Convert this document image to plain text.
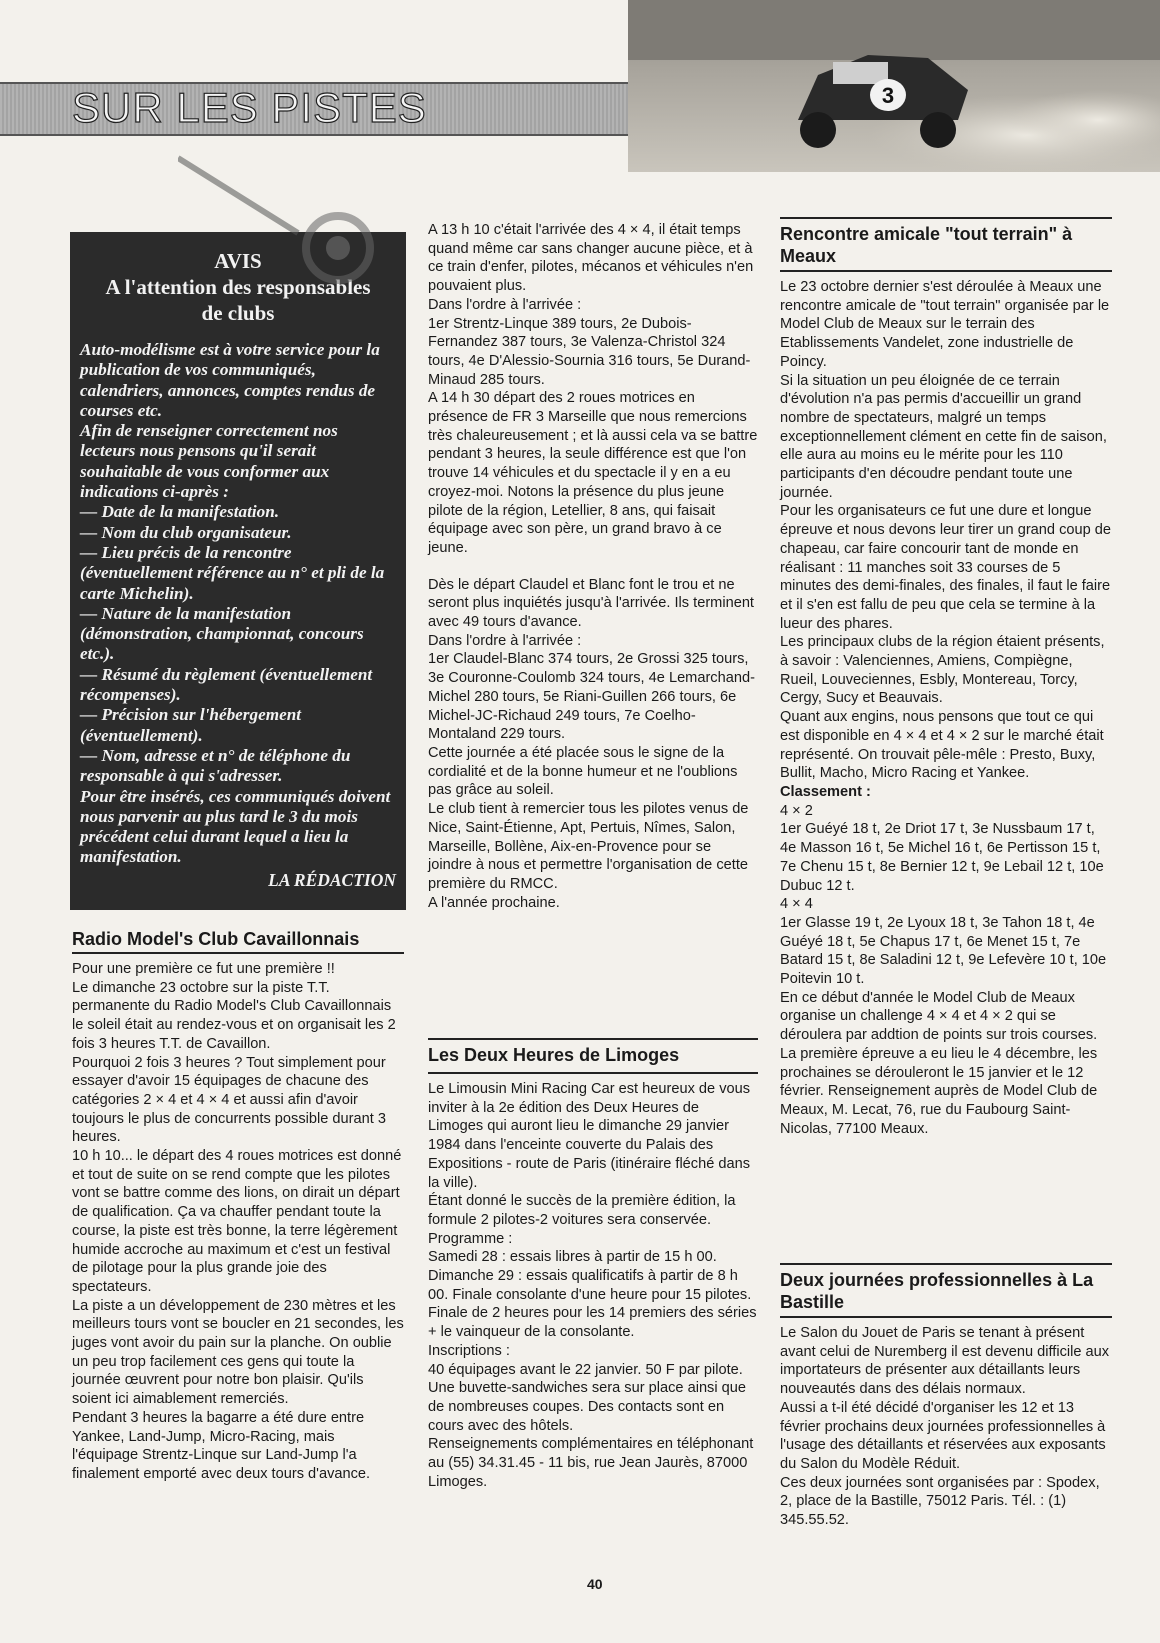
SUR LES PISTES	3
AVIS
A l'attention des responsables
de clubs

Auto-modélisme est à votre service pour la publication de vos communiqués, calendriers, annonces, comptes rendus de courses etc.

Afin de renseigner correctement nos lecteurs nous pensons qu'il serait souhaitable de vous conformer aux indications ci-après :

— Date de la manifestation.

— Nom du club organisateur.

— Lieu précis de la rencontre (éventuellement référence au n° et pli de la carte Michelin).

— Nature de la manifestation (démonstration, championnat, concours etc.).

— Résumé du règlement (éventuellement récompenses).

— Précision sur l'hébergement (éventuellement).

— Nom, adresse et n° de téléphone du responsable à qui s'adresser.

Pour être insérés, ces communiqués doivent nous parvenir au plus tard le 3 du mois précédent celui durant lequel a lieu la manifestation.

LA RÉDACTION
Radio Model's Club Cavaillonnais

Pour une première ce fut une première !!

Le dimanche 23 octobre sur la piste T.T. permanente du Radio Model's Club Cavaillonnais le soleil était au rendez-vous et on organisait les 2 fois 3 heures T.T. de Cavaillon.

Pourquoi 2 fois 3 heures ? Tout simplement pour essayer d'avoir 15 équipages de chacune des catégories 2 × 4 et 4 × 4 et aussi afin d'avoir toujours le plus de concurrents possible durant 3 heures.

10 h 10... le départ des 4 roues motrices est donné et tout de suite on se rend compte que les pilotes vont se battre comme des lions, on dirait un départ de qualification. Ça va chauffer pendant toute la course, la piste est très bonne, la terre légèrement humide accroche au maximum et c'est un festival de pilotage pour la plus grande joie des spectateurs.

La piste a un développement de 230 mètres et les meilleurs tours vont se boucler en 21 secondes, les juges vont avoir du pain sur la planche. On oublie un peu trop facilement ces gens qui toute la journée œuvrent pour notre bon plaisir. Qu'ils soient ici aimablement remerciés.

Pendant 3 heures la bagarre a été dure entre Yankee, Land-Jump, Micro-Racing, mais l'équipage Strentz-Linque sur Land-Jump l'a finalement emporté avec deux tours d'avance.

A 13 h 10 c'était l'arrivée des 4 × 4, il était temps quand même car sans changer aucune pièce, et à ce train d'enfer, pilotes, mécanos et véhicules n'en pouvaient plus.

Dans l'ordre à l'arrivée :

1er Strentz-Linque 389 tours, 2e Dubois-Fernandez 387 tours, 3e Valenza-Christol 324 tours, 4e D'Alessio-Sournia 316 tours, 5e Durand-Minaud 285 tours.

A 14 h 30 départ des 2 roues motrices en présence de FR 3 Marseille que nous remercions très chaleureusement ; et là aussi cela va se battre pendant 3 heures, la seule différence est que l'on trouve 14 véhicules et du spectacle il y en a eu croyez-moi. Notons la présence du plus jeune pilote de la région, Letellier, 8 ans, qui faisait équipage avec son père, un grand bravo à ce jeune.

Dès le départ Claudel et Blanc font le trou et ne seront plus inquiétés jusqu'à l'arrivée. Ils terminent avec 49 tours d'avance.

Dans l'ordre à l'arrivée :

1er Claudel-Blanc 374 tours, 2e Grossi 325 tours, 3e Couronne-Coulomb 324 tours, 4e Lemarchand-Michel 280 tours, 5e Riani-Guillen 266 tours, 6e Michel-JC-Richaud 249 tours, 7e Coelho-Montaland 229 tours.

Cette journée a été placée sous le signe de la cordialité et de la bonne humeur et ne l'oublions pas grâce au soleil.

Le club tient à remercier tous les pilotes venus de Nice, Saint-Étienne, Apt, Pertuis, Nîmes, Salon, Marseille, Bollène, Aix-en-Provence pour se joindre à nous et permettre l'organisation de cette première du RMCC.

A l'année prochaine.

Les Deux Heures de Limoges

Le Limousin Mini Racing Car est heureux de vous inviter à la 2e édition des Deux Heures de Limoges qui auront lieu le dimanche 29 janvier 1984 dans l'enceinte couverte du Palais des Expositions - route de Paris (itinéraire fléché dans la ville).

Étant donné le succès de la première édition, la formule 2 pilotes-2 voitures sera conservée.

Programme :

Samedi 28 : essais libres à partir de 15 h 00.

Dimanche 29 : essais qualificatifs à partir de 8 h 00. Finale consolante d'une heure pour 15 pilotes. Finale de 2 heures pour les 14 premiers des séries + le vainqueur de la consolante.

Inscriptions :

40 équipages avant le 22 janvier. 50 F par pilote.

Une buvette-sandwiches sera sur place ainsi que de nombreuses coupes. Des contacts sont en cours avec des hôtels.

Renseignements complémentaires en téléphonant au (55) 34.31.45 - 11 bis, rue Jean Jaurès, 87000 Limoges.

Rencontre amicale "tout terrain" à Meaux

Le 23 octobre dernier s'est déroulée à Meaux une rencontre amicale de "tout terrain" organisée par le Model Club de Meaux sur le terrain des Etablissements Vandelet, zone industrielle de Poincy.

Si la situation un peu éloignée de ce terrain d'évolution n'a pas permis d'accueillir un grand nombre de spectateurs, malgré un temps exceptionnellement clément en cette fin de saison, elle aura au moins eu le mérite pour les 110 participants d'en découdre pendant toute une journée.

Pour les organisateurs ce fut une dure et longue épreuve et nous devons leur tirer un grand coup de chapeau, car faire concourir tant de monde en réalisant : 11 manches soit 33 courses de 5 minutes des demi-finales, des finales, il faut le faire et il s'en est fallu de peu que cela se termine à la lueur des phares.

Les principaux clubs de la région étaient présents, à savoir : Valenciennes, Amiens, Compiègne, Rueil, Louveciennes, Esbly, Montereau, Torcy, Cergy, Sucy et Beauvais.

Quant aux engins, nous pensons que tout ce qui est disponible en 4 × 4 et 4 × 2 sur le marché était représenté. On trouvait pêle-mêle : Presto, Buxy, Bullit, Macho, Micro Racing et Yankee.

Classement :

4 × 2

1er Guéyé 18 t, 2e Driot 17 t, 3e Nussbaum 17 t, 4e Masson 16 t, 5e Michel 16 t, 6e Pertisson 15 t, 7e Chenu 15 t, 8e Bernier 12 t, 9e Lebail 12 t, 10e Dubuc 12 t.

4 × 4

1er Glasse 19 t, 2e Lyoux 18 t, 3e Tahon 18 t, 4e Guéyé 18 t, 5e Chapus 17 t, 6e Menet 15 t, 7e Batard 15 t, 8e Saladini 12 t, 9e Lefevère 10 t, 10e Poitevin 10 t.

En ce début d'année le Model Club de Meaux organise un challenge 4 × 4 et 4 × 2 qui se déroulera par addtion de points sur trois courses. La première épreuve a eu lieu le 4 décembre, les prochaines se dérouleront le 15 janvier et le 12 février. Renseignement auprès de Model Club de Meaux, M. Lecat, 76, rue du Faubourg Saint-Nicolas, 77100 Meaux.

Deux journées professionnelles à La Bastille

Le Salon du Jouet de Paris se tenant à présent avant celui de Nuremberg il est devenu difficile aux importateurs de présenter aux détaillants leurs nouveautés dans des délais normaux.

Aussi a t-il été décidé d'organiser les 12 et 13 février prochains deux journées professionnelles à l'usage des détaillants et réservées aux exposants du Salon du Modèle Réduit.

Ces deux journées sont organisées par : Spodex, 2, place de la Bastille, 75012 Paris. Tél. : (1) 345.55.52.

40
